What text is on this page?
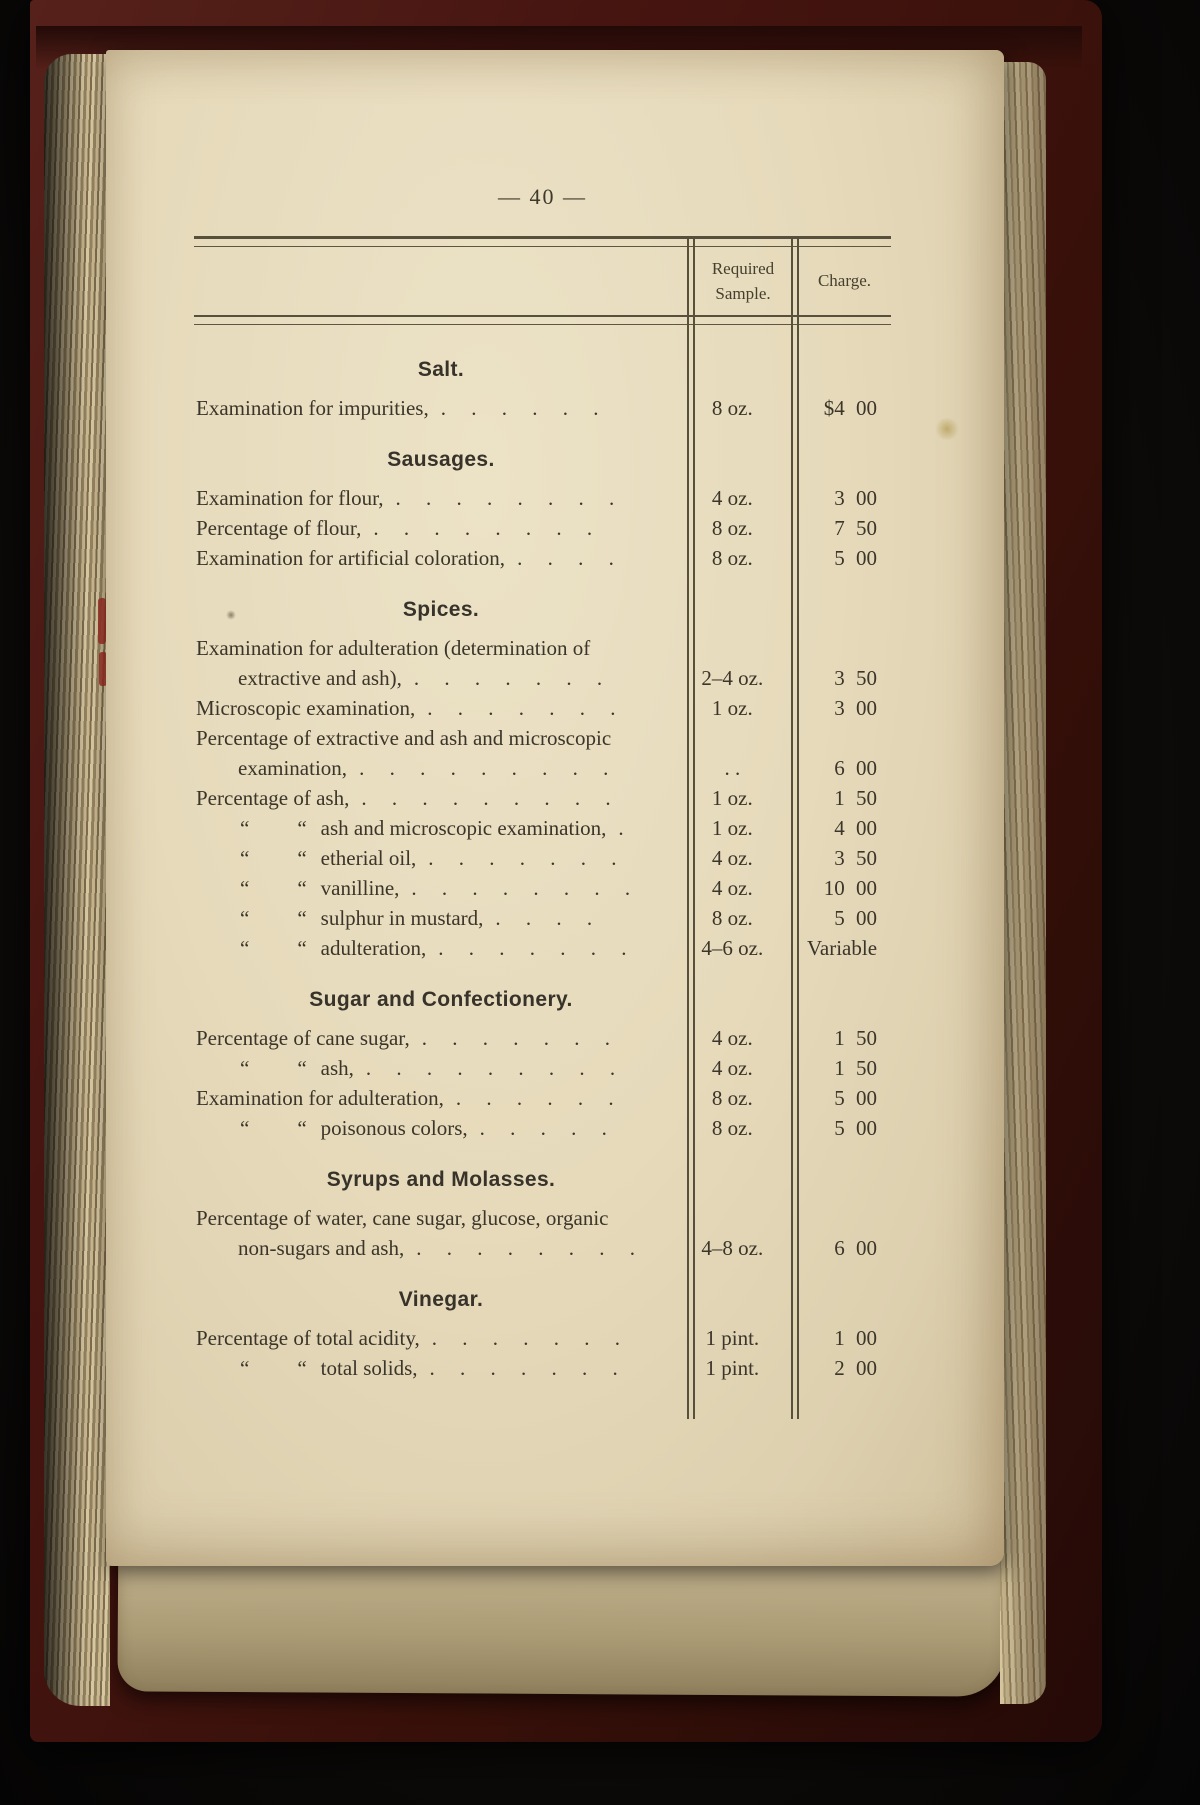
— 40 —
Required Sample.
Charge.
Salt.
Examination for impurities, . . . . . .	8 oz.	$4 00
Sausages.
Examination for flour, . . . . . . . .	4 oz.	3 00
Percentage of flour, . . . . . . . .	8 oz.	7 50
Examination for artificial coloration, . . . .	8 oz.	5 00
Spices.
Examination for adulteration (determination of
extractive and ash), . . . . . . .	2–4 oz.	3 50
Microscopic examination, . . . . . . .	1 oz.	3 00
Percentage of extractive and ash and microscopic
examination, . . . . . . . . .	. .	6 00
Percentage of ash, . . . . . . . . .	1 oz.	1 50
“ “ ash and microscopic examination, .	1 oz.	4 00
“ “ etherial oil, . . . . . . .	4 oz.	3 50
“ “ vanilline, . . . . . . . .	4 oz.	10 00
“ “ sulphur in mustard, . . . .	8 oz.	5 00
“ “ adulteration, . . . . . . .	4–6 oz.	Variable
Sugar and Confectionery.
Percentage of cane sugar, . . . . . . .	4 oz.	1 50
“ “ ash, . . . . . . . . .	4 oz.	1 50
Examination for adulteration, . . . . . .	8 oz.	5 00
“ “ poisonous colors, . . . . .	8 oz.	5 00
Syrups and Molasses.
Percentage of water, cane sugar, glucose, organic
non-sugars and ash, . . . . . . . .	4–8 oz.	6 00
Vinegar.
Percentage of total acidity, . . . . . . .	1 pint.	1 00
“ “ total solids, . . . . . . .	1 pint.	2 00
